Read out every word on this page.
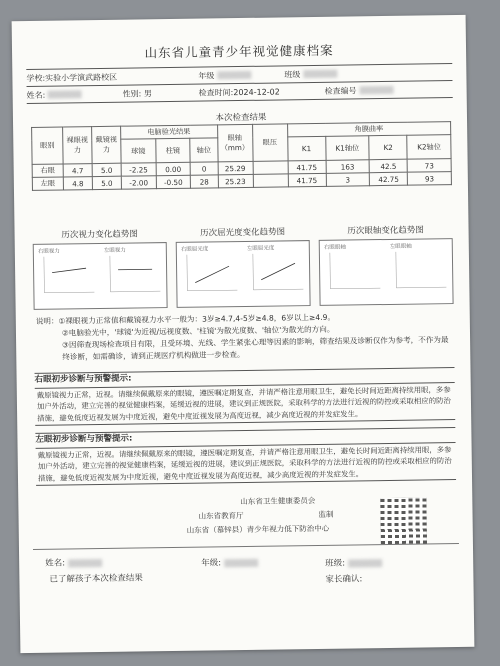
山东省儿童青少年视觉健康档案
学校:实验小学演武路校区	年级	班级
姓名:	性别: 男	检查时间:2024-12-02	检查编号
本次检查结果											
眼别	裸眼视力	戴镜视力	电脑验光结果			眼轴（mm）	眼压	角膜曲率			
			球镜	柱镜	轴位			K1	K1轴位	K2	K2轴位
右眼	4.7	5.0	-2.25	0.00	0	25.29		41.75	163	42.5	73
左眼	4.8	5.0	-2.00	-0.50	28	25.23		41.75	3	42.75	93
历次视力变化趋势图
右眼视力	左眼视力
历次屈光度变化趋势图
右眼屈光度	左眼屈光度
历次眼轴变化趋势图
右眼眼轴	左眼眼轴

说明：①裸眼视力正常值和戴镜视力水平一般为：3岁≥4.7,4-5岁≥4.8，6岁以上≥4.9。

②电脑验光中，'球镜'为近视/远视度数、'柱镜'为散光度数、'轴位'为散光的方向。

③因筛查现场检查项目有限，且受环境、光线、学生紧张心理等因素的影响，筛查结果及诊断仅作为参考，不作为最终诊断，如需确诊，请到正规医疗机构做进一步检查。

右眼初步诊断与预警提示:
戴原镜视力正常，近视。请继续佩戴原来的眼镜，遵医嘱定期复查，并请严格注意用眼卫生，避免长时间近距离持续用眼，多参加户外活动，建立完善的视觉健康档案，延缓近视的进展，建议到正规医院，采取科学的方法进行近视的防控或采取相应的防治措施，避免低度近视发展为中度近视，避免中度近视发展为高度近视，减少高度近视的并发症发生。
左眼初步诊断与预警提示:
戴原镜视力正常，近视。请继续佩戴原来的眼镜，遵医嘱定期复查，并请严格注意用眼卫生，避免长时间近距离持续用眼，多参加户外活动，建立完善的视觉健康档案，延缓近视的进展，建议到正规医院，采取科学的方法进行近视的防控或采取相应的防治措施，避免低度近视发展为中度近视，避免中度近视发展为高度近视，减少高度近视的并发症发生。
山东省卫生健康委员会
山东省教育厅	监制
山东省（慕锌县）青少年视力低下防治中心
姓名:	年级:	班级:
已了解孩子本次检查结果	家长确认:
